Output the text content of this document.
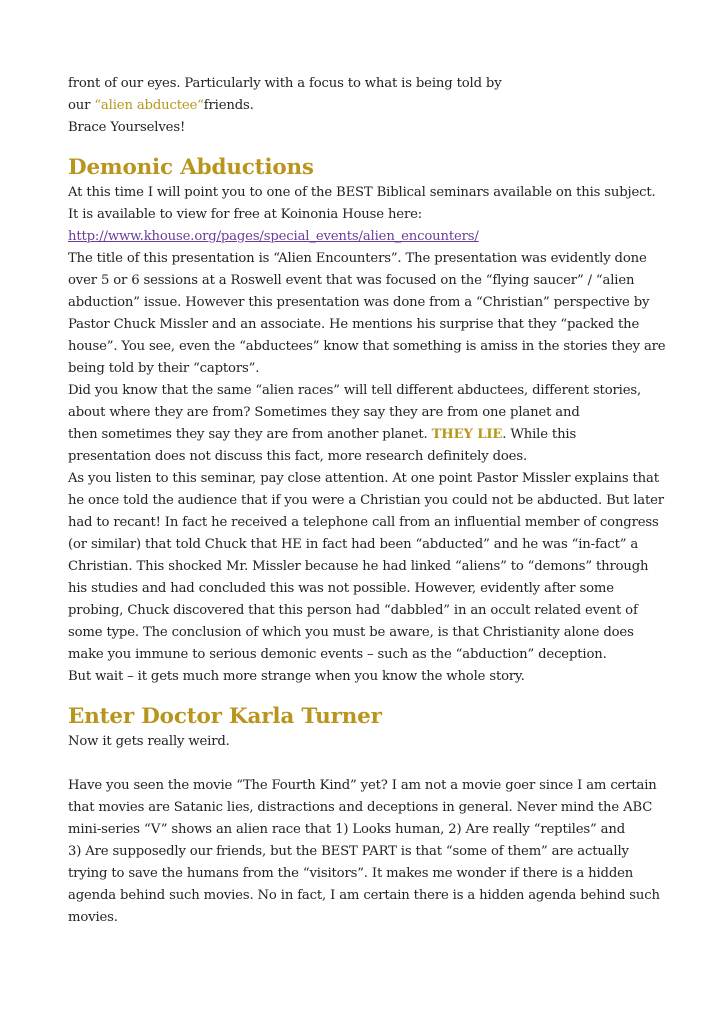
front of our eyes. Particularly with a focus to what is being told by

our “alien abductee“friends.

Brace Yourselves!

Demonic Abductions

At this time I will point you to one of the BEST Biblical seminars available on this subject.

It is available to view for free at Koinonia House here:

http://www.khouse.org/pages/special_events/alien_encounters/

The title of this presentation is “Alien Encounters”. The presentation was evidently done

over 5 or 6 sessions at a Roswell event that was focused on the “flying saucer” / “alien

abduction” issue. However this presentation was done from a “Christian” perspective by

Pastor Chuck Missler and an associate. He mentions his surprise that they “packed the

house”. You see, even the “abductees” know that something is amiss in the stories they are

being told by their “captors”.

Did you know that the same “alien races” will tell different abductees, different stories,

about where they are from? Sometimes they say they are from one planet and

then sometimes they say they are from another planet. THEY LIE. While this

presentation does not discuss this fact, more research definitely does.

As you listen to this seminar, pay close attention. At one point Pastor Missler explains that

he once told the audience that if you were a Christian you could not be abducted. But later

had to recant! In fact he received a telephone call from an influential member of congress

(or similar) that told Chuck that HE in fact had been “abducted” and he was “in-fact” a

Christian. This shocked Mr. Missler because he had linked “aliens” to “demons” through

his studies and had concluded this was not possible. However, evidently after some

probing, Chuck discovered that this person had “dabbled” in an occult related event of

some type. The conclusion of which you must be aware, is that Christianity alone does

make you immune to serious demonic events – such as the “abduction” deception.

But wait – it gets much more strange when you know the whole story.

Enter Doctor Karla Turner

Now it gets really weird.

Have you seen the movie “The Fourth Kind” yet? I am not a movie goer since I am certain

that movies are Satanic lies, distractions and deceptions in general. Never mind the ABC

mini-series “V” shows an alien race that 1) Looks human, 2) Are really “reptiles” and

3) Are supposedly our friends, but the BEST PART is that “some of them” are actually

trying to save the humans from the “visitors”. It makes me wonder if there is a hidden

agenda behind such movies. No in fact, I am certain there is a hidden agenda behind such

movies.
